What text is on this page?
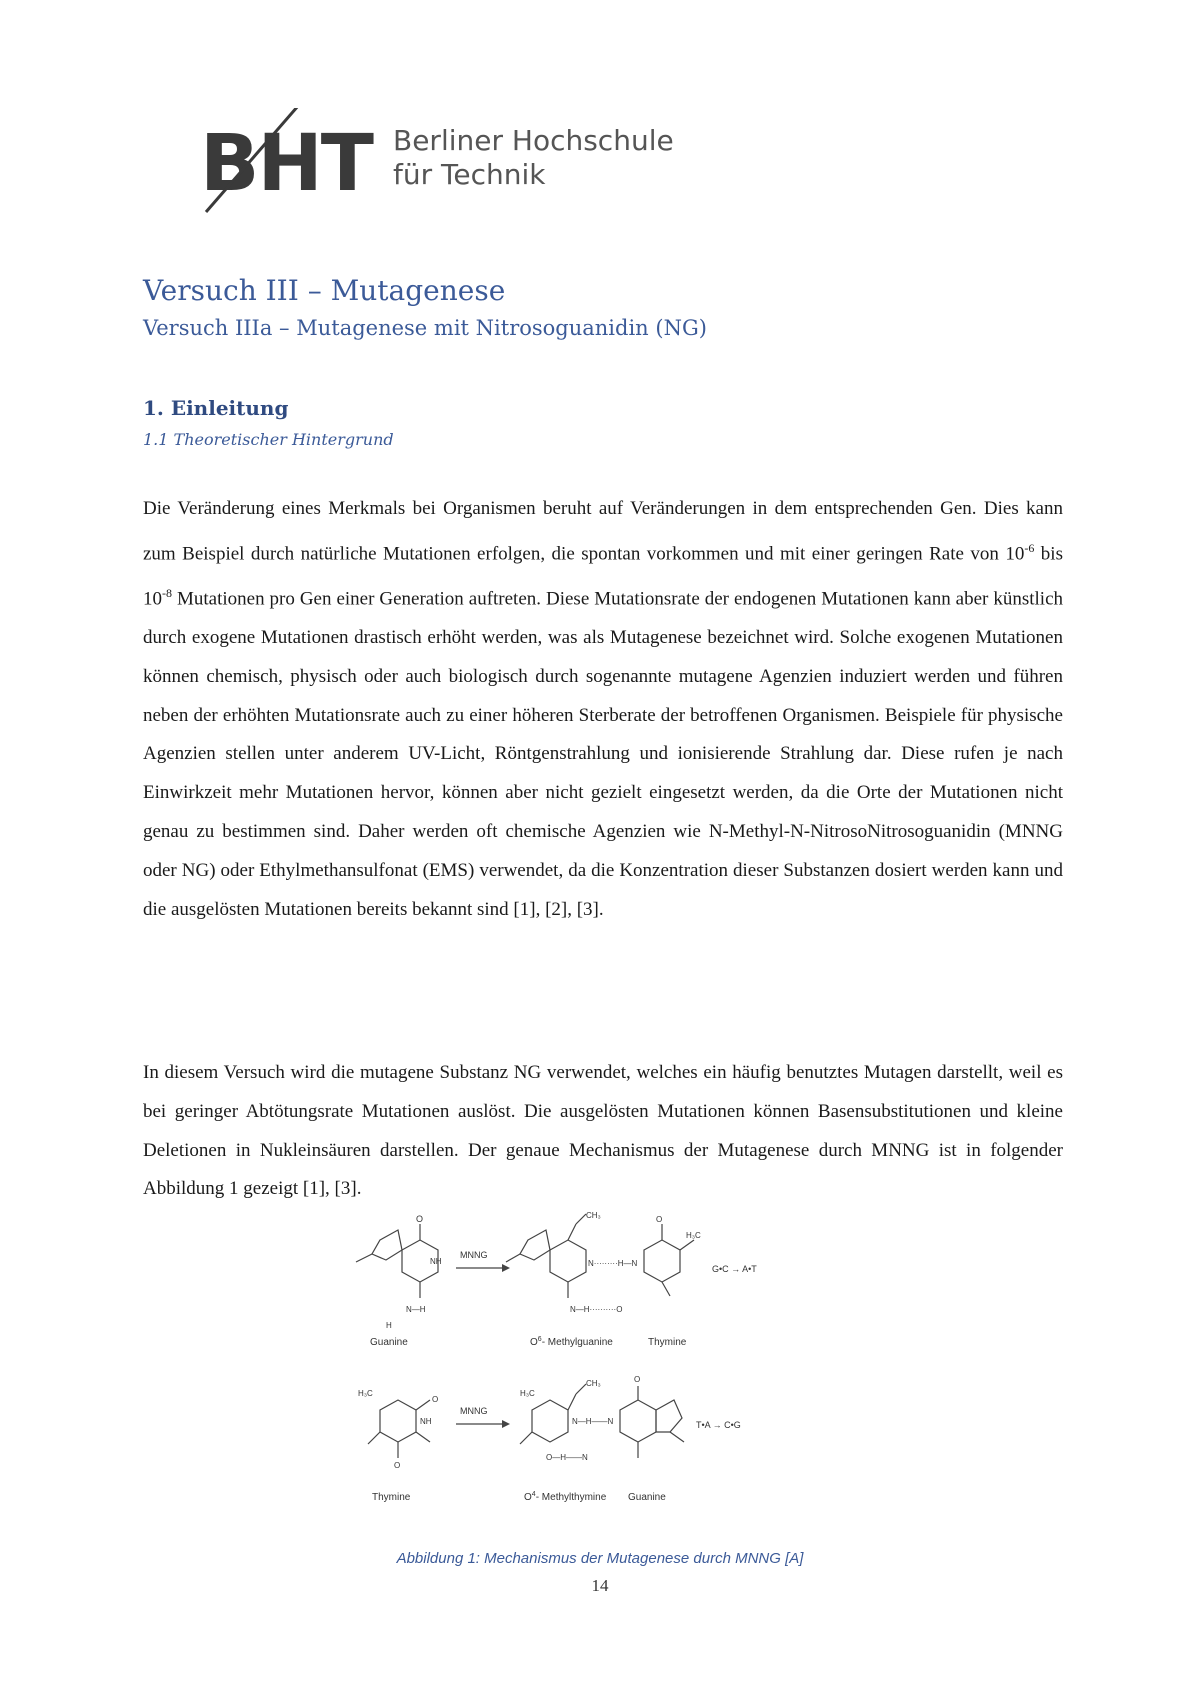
BHT Berliner Hochschule
für Technik
Versuch III – Mutagenese
Versuch IIIa – Mutagenese mit Nitrosoguanidin (NG)
1. Einleitung
1.1 Theoretischer Hintergrund
Die Veränderung eines Merkmals bei Organismen beruht auf Veränderungen in dem entsprechenden Gen. Dies kann zum Beispiel durch natürliche Mutationen erfolgen, die spontan vorkommen und mit einer geringen Rate von $10^{-6}$ bis $10^{-8}$ Mutationen pro Gen einer Generation auftreten. Diese Mutationsrate der endogenen Mutationen kann aber künstlich durch exogene Mutationen drastisch erhöht werden, was als Mutagenese bezeichnet wird. Solche exogenen Mutationen können chemisch, physisch oder auch biologisch durch sogenannte mutagene Agenzien induziert werden und führen neben der erhöhten Mutationsrate auch zu einer höheren Sterberate der betroffenen Organismen. Beispiele für physische Agenzien stellen unter anderem UV-Licht, Röntgenstrahlung und ionisierende Strahlung dar. Diese rufen je nach Einwirkzeit mehr Mutationen hervor, können aber nicht gezielt eingesetzt werden, da die Orte der Mutationen nicht genau zu bestimmen sind. Daher werden oft chemische Agenzien wie N-Methyl-N-NitrosoNitrosoguanidin (MNNG oder NG) oder Ethylmethansulfonat (EMS) verwendet, da die Konzentration dieser Substanzen dosiert werden kann und die ausgelösten Mutationen bereits bekannt sind [1], [2], [3].
In diesem Versuch wird die mutagene Substanz NG verwendet, welches ein häufig benutztes Mutagen darstellt, weil es bei geringer Abtötungsrate Mutationen auslöst. Die ausgelösten Mutationen können Basensubstitutionen und kleine Deletionen in Nukleinsäuren darstellen. Der genaue Mechanismus der Mutagenese durch MNNG ist in folgender Abbildung 1 gezeigt [1], [3].
O
NH
N—H
H
Guanine
MNNG
CH₃
N—H··········O
N·········H—N
O
H₃C
$O^6-$ Methylguanine	Thymine
G•C → A•T
H₃C
O
NH
O
Thymine
MNNG
H₃C
CH₃
N—H——N
O—H——N
O
$O^4-$ Methylthymine Guanine
T•A → C•G
Abbildung 1: Mechanismus der Mutagenese durch MNNG [A]
14
